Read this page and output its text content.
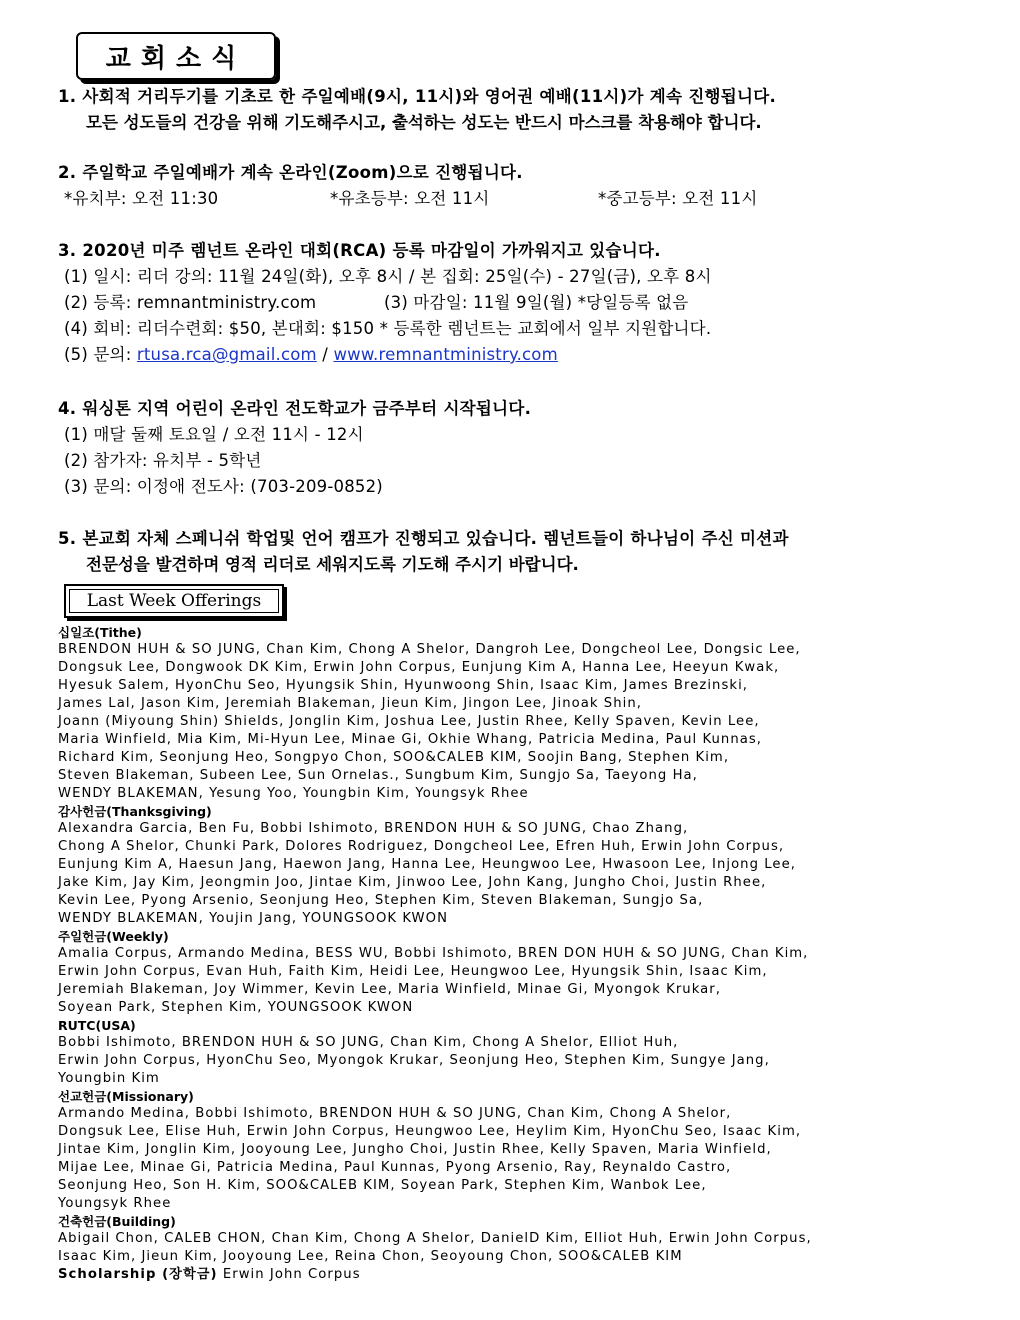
교회소식
1. 사회적 거리두기를 기초로 한 주일예배(9시, 11시)와 영어권 예배(11시)가 계속 진행됩니다.
모든 성도들의 건강을 위해 기도해주시고, 출석하는 성도는 반드시 마스크를 착용해야 합니다.
2. 주일학교 주일예배가 계속 온라인(Zoom)으로 진행됩니다.
*유치부: 오전 11:30	*유초등부: 오전 11시	*중고등부: 오전 11시
3. 2020년 미주 렘넌트 온라인 대회(RCA) 등록 마감일이 가까워지고 있습니다.
(1) 일시: 리더 강의: 11월 24일(화), 오후 8시 / 본 집회: 25일(수) - 27일(금), 오후 8시
(2) 등록: remnantministry.com	(3) 마감일: 11월 9일(월) *당일등록 없음
(4) 회비: 리더수련회: $50, 본대회: $150 * 등록한 렘넌트는 교회에서 일부 지원합니다.
(5) 문의: rtusa.rca@gmail.com / www.remnantministry.com
4. 워싱톤 지역 어린이 온라인 전도학교가 금주부터 시작됩니다.
(1) 매달 둘째 토요일 / 오전 11시 - 12시
(2) 참가자: 유치부 - 5학년
(3) 문의: 이정애 전도사: (703-209-0852)
5. 본교회 자체 스페니쉬 학업및 언어 캠프가 진행되고 있습니다. 렘넌트들이 하나님이 주신 미션과
전문성을 발견하며 영적 리더로 세워지도록 기도해 주시기 바랍니다.
Last Week Offerings
십일조(Tithe)
BRENDON HUH & SO JUNG, Chan Kim, Chong A Shelor, Dangroh Lee, Dongcheol Lee, Dongsic Lee,
Dongsuk Lee, Dongwook DK Kim, Erwin John Corpus, Eunjung Kim A, Hanna Lee, Heeyun Kwak,
Hyesuk Salem, HyonChu Seo, Hyungsik Shin, Hyunwoong Shin, Isaac Kim, James Brezinski,
James Lal, Jason Kim, Jeremiah Blakeman, Jieun Kim, Jingon Lee, Jinoak Shin,
Joann (Miyoung Shin) Shields, Jonglin Kim, Joshua Lee, Justin Rhee, Kelly Spaven, Kevin Lee,
Maria Winfield, Mia Kim, Mi-Hyun Lee, Minae Gi, Okhie Whang, Patricia Medina, Paul Kunnas,
Richard Kim, Seonjung Heo, Songpyo Chon, SOO&CALEB KIM, Soojin Bang, Stephen Kim,
Steven Blakeman, Subeen Lee, Sun Ornelas., Sungbum Kim, Sungjo Sa, Taeyong Ha,
WENDY BLAKEMAN, Yesung Yoo, Youngbin Kim, Youngsyk Rhee
감사헌금(Thanksgiving)
Alexandra Garcia, Ben Fu, Bobbi Ishimoto, BRENDON HUH & SO JUNG, Chao Zhang,
Chong A Shelor, Chunki Park, Dolores Rodriguez, Dongcheol Lee, Efren Huh, Erwin John Corpus,
Eunjung Kim A, Haesun Jang, Haewon Jang, Hanna Lee, Heungwoo Lee, Hwasoon Lee, Injong Lee,
Jake Kim, Jay Kim, Jeongmin Joo, Jintae Kim, Jinwoo Lee, John Kang, Jungho Choi, Justin Rhee,
Kevin Lee, Pyong Arsenio, Seonjung Heo, Stephen Kim, Steven Blakeman, Sungjo Sa,
WENDY BLAKEMAN, Youjin Jang, YOUNGSOOK KWON
주일헌금(Weekly)
Amalia Corpus, Armando Medina, BESS WU, Bobbi Ishimoto, BREN DON HUH & SO JUNG, Chan Kim,
Erwin John Corpus, Evan Huh, Faith Kim, Heidi Lee, Heungwoo Lee, Hyungsik Shin, Isaac Kim,
Jeremiah Blakeman, Joy Wimmer, Kevin Lee, Maria Winfield, Minae Gi, Myongok Krukar,
Soyean Park, Stephen Kim, YOUNGSOOK KWON
RUTC(USA)
Bobbi Ishimoto, BRENDON HUH & SO JUNG, Chan Kim, Chong A Shelor, Elliot Huh,
Erwin John Corpus, HyonChu Seo, Myongok Krukar, Seonjung Heo, Stephen Kim, Sungye Jang,
Youngbin Kim
선교헌금(Missionary)
Armando Medina, Bobbi Ishimoto, BRENDON HUH & SO JUNG, Chan Kim, Chong A Shelor,
Dongsuk Lee, Elise Huh, Erwin John Corpus, Heungwoo Lee, Heylim Kim, HyonChu Seo, Isaac Kim,
Jintae Kim, Jonglin Kim, Jooyoung Lee, Jungho Choi, Justin Rhee, Kelly Spaven, Maria Winfield,
Mijae Lee, Minae Gi, Patricia Medina, Paul Kunnas, Pyong Arsenio, Ray, Reynaldo Castro,
Seonjung Heo, Son H. Kim, SOO&CALEB KIM, Soyean Park, Stephen Kim, Wanbok Lee,
Youngsyk Rhee
건축헌금(Building)
Abigail Chon, CALEB CHON, Chan Kim, Chong A Shelor, DanielD Kim, Elliot Huh, Erwin John Corpus,
Isaac Kim, Jieun Kim, Jooyoung Lee, Reina Chon, Seoyoung Chon, SOO&CALEB KIM
Scholarship (장학금) Erwin John Corpus
